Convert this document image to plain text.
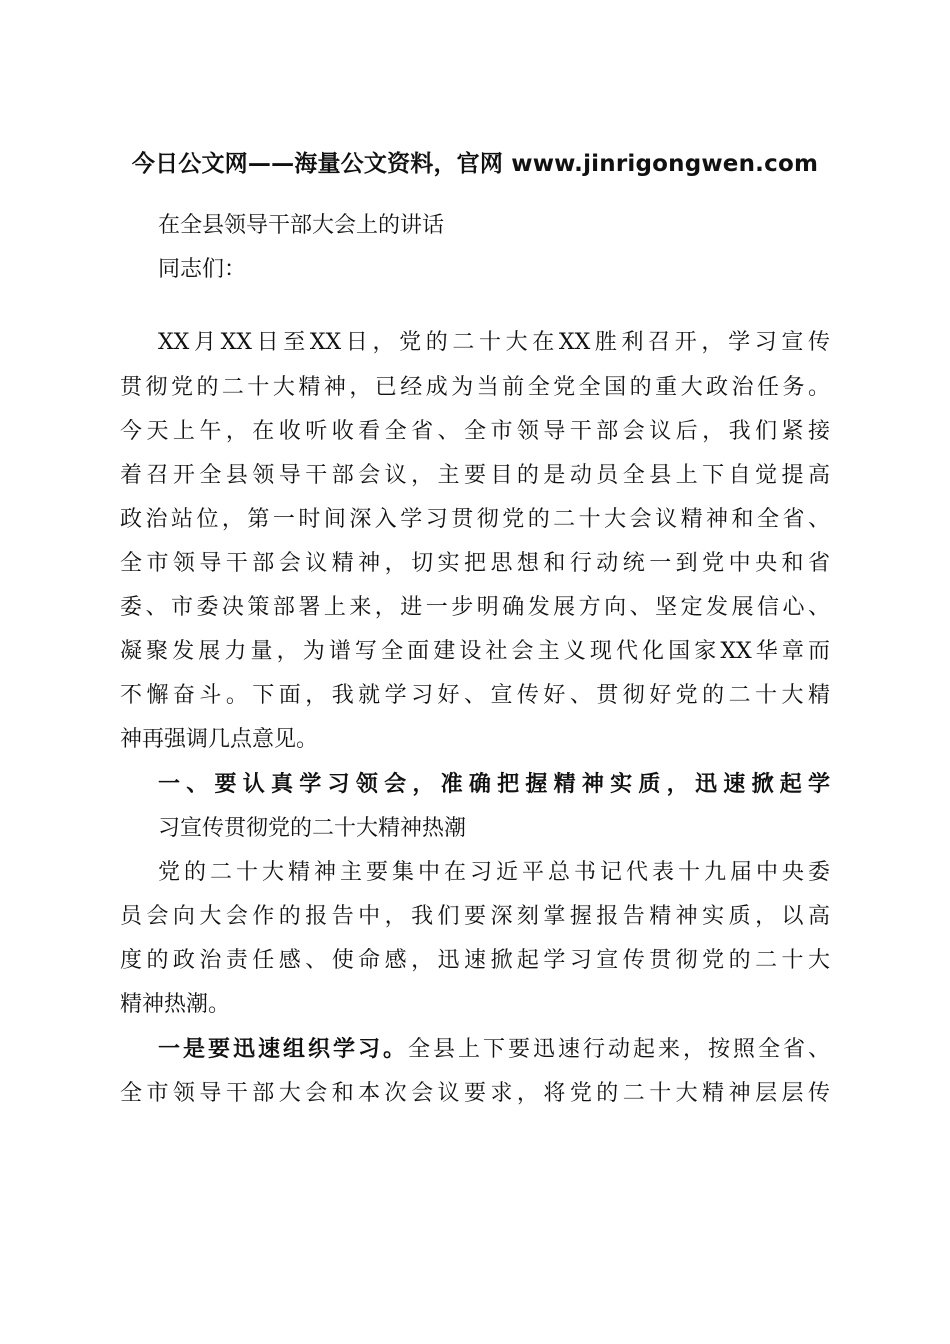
今日公文网——海量公文资料，官网 www.jinrigongwen.com
在全县领导干部大会上的讲话
同志们：
XX月XX日至XX日，党的二十大在XX胜利召开，学习宣传
贯彻党的二十大精神，已经成为当前全党全国的重大政治任务。
今天上午，在收听收看全省、全市领导干部会议后，我们紧接
着召开全县领导干部会议，主要目的是动员全县上下自觉提高
政治站位，第一时间深入学习贯彻党的二十大会议精神和全省、
全市领导干部会议精神，切实把思想和行动统一到党中央和省
委、市委决策部署上来，进一步明确发展方向、坚定发展信心、
凝聚发展力量，为谱写全面建设社会主义现代化国家XX华章而
不懈奋斗。下面，我就学习好、宣传好、贯彻好党的二十大精
神再强调几点意见。
一、要认真学习领会，准确把握精神实质，迅速掀起学
习宣传贯彻党的二十大精神热潮
党的二十大精神主要集中在习近平总书记代表十九届中央委
员会向大会作的报告中，我们要深刻掌握报告精神实质，以高
度的政治责任感、使命感，迅速掀起学习宣传贯彻党的二十大
精神热潮。
一是要迅速组织学习。全县上下要迅速行动起来，按照全省、
全市领导干部大会和本次会议要求，将党的二十大精神层层传
